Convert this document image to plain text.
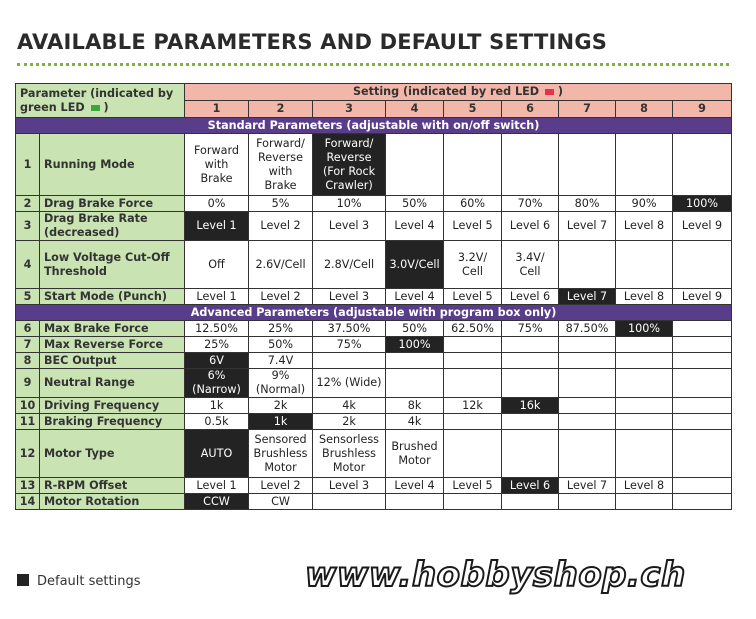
AVAILABLE PARAMETERS AND DEFAULT SETTINGS
Parameter (indicated by green LED )		Setting (indicated by red LED )								
		1	2	3	4	5	6	7	8	9
Standard Parameters (adjustable with on/off switch)										
1	Running Mode	Forward with Brake	Forward/ Reverse with Brake	Forward/ Reverse (For Rock Crawler)						
2	Drag Brake Force	0%	5%	10%	50%	60%	70%	80%	90%	100%
3	Drag Brake Rate (decreased)	Level 1	Level 2	Level 3	Level 4	Level 5	Level 6	Level 7	Level 8	Level 9
4	Low Voltage Cut-Off Threshold	Off	2.6V/Cell	2.8V/Cell	3.0V/Cell	3.2V/ Cell	3.4V/ Cell			
5	Start Mode (Punch)	Level 1	Level 2	Level 3	Level 4	Level 5	Level 6	Level 7	Level 8	Level 9
Advanced Parameters (adjustable with program box only)										
6	Max Brake Force	12.50%	25%	37.50%	50%	62.50%	75%	87.50%	100%	
7	Max Reverse Force	25%	50%	75%	100%					
8	BEC Output	6V	7.4V							
9	Neutral Range	6% (Narrow)	9% (Normal)	12% (Wide)						
10	Driving Frequency	1k	2k	4k	8k	12k	16k			
11	Braking Frequency	0.5k	1k	2k	4k					
12	Motor Type	AUTO	Sensored Brushless Motor	Sensorless Brushless Motor	Brushed Motor					
13	R-RPM Offset	Level 1	Level 2	Level 3	Level 4	Level 5	Level 6	Level 7	Level 8	
14	Motor Rotation	CCW	CW							
Default settings	www.hobbyshop.ch
